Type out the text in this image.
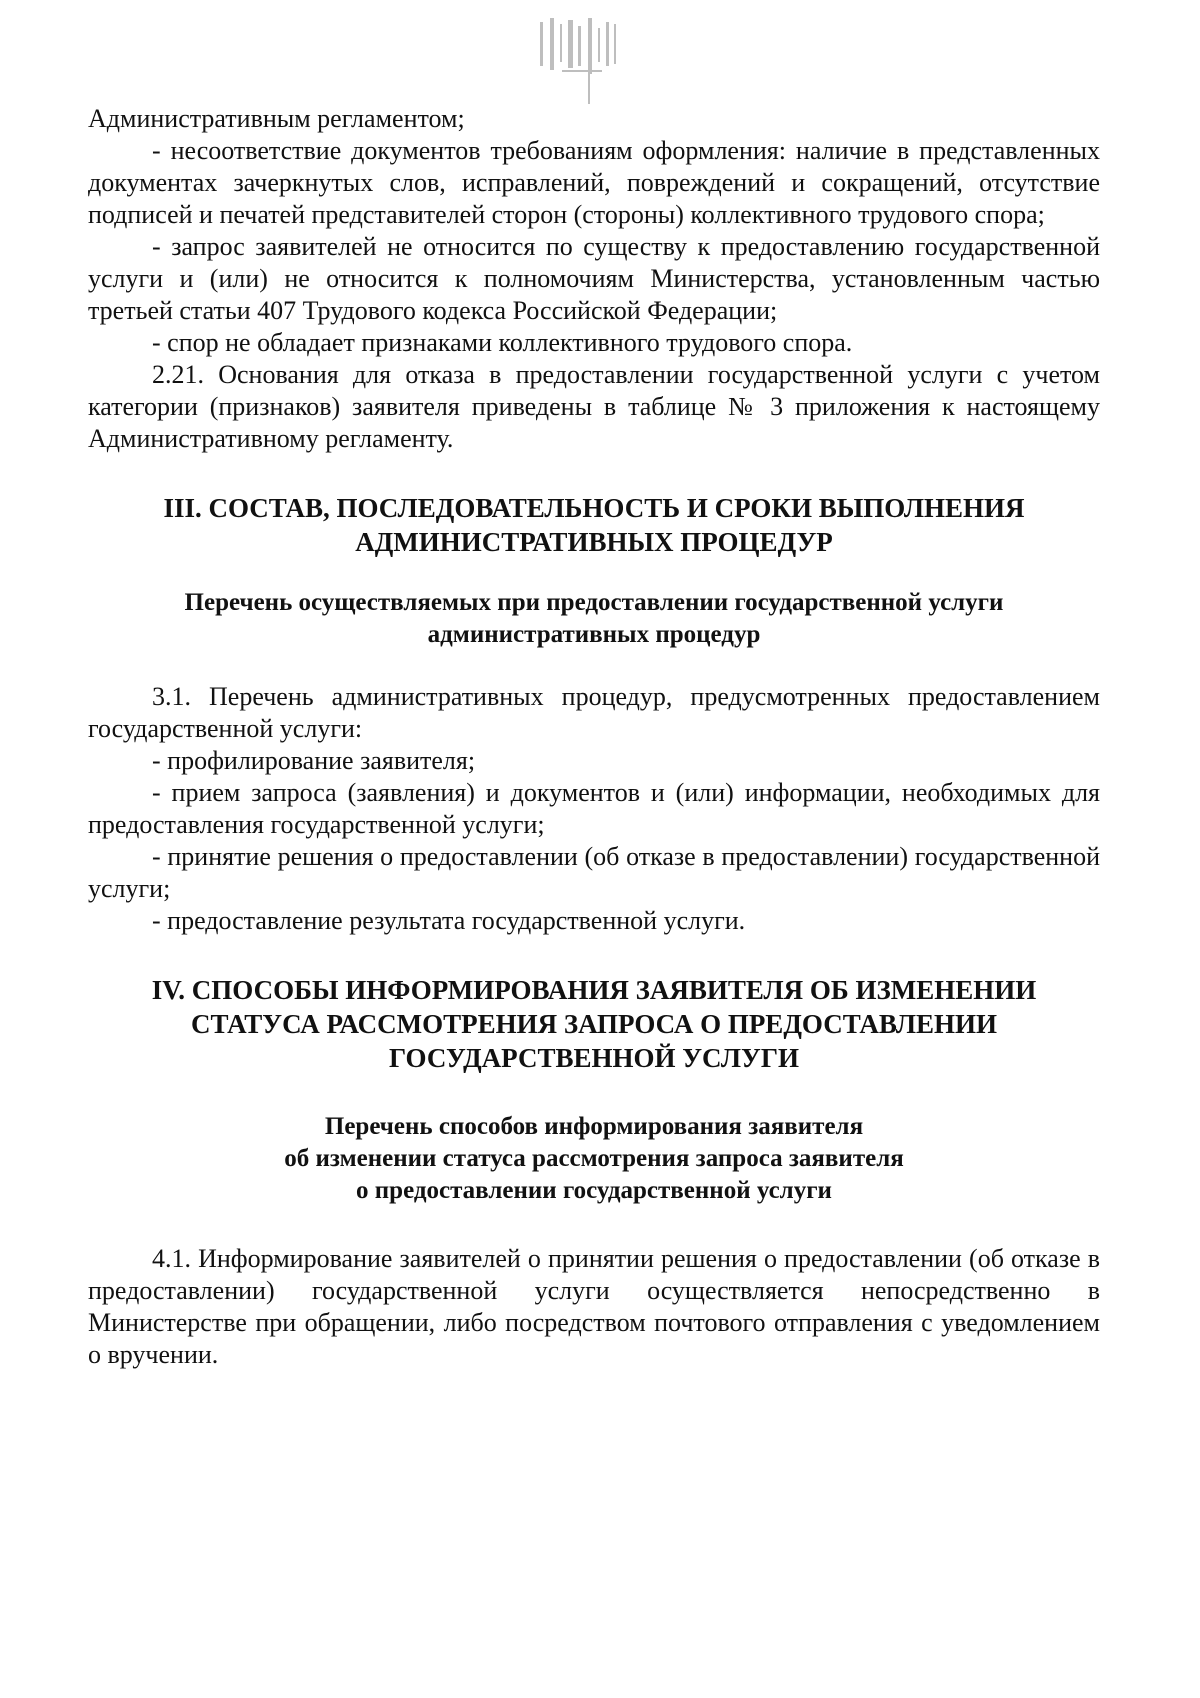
Административным регламентом;

- несоответствие документов требованиям оформления: наличие в представленных документах зачеркнутых слов, исправлений, повреждений и сокращений, отсутствие подписей и печатей представителей сторон (стороны) коллективного трудового спора;

- запрос заявителей не относится по существу к предоставлению государственной услуги и (или) не относится к полномочиям Министерства, установленным частью третьей статьи 407 Трудового кодекса Российской Федерации;

- спор не обладает признаками коллективного трудового спора.

2.21. Основания для отказа в предоставлении государственной услуги с учетом категории (признаков) заявителя приведены в таблице № 3 приложения к настоящему Административному регламенту.

III. СОСТАВ, ПОСЛЕДОВАТЕЛЬНОСТЬ И СРОКИ ВЫПОЛНЕНИЯ
АДМИНИСТРАТИВНЫХ ПРОЦЕДУР
Перечень осуществляемых при предоставлении государственной услуги
административных процедур

3.1. Перечень административных процедур, предусмотренных предоставлением государственной услуги:

- профилирование заявителя;

- прием запроса (заявления) и документов и (или) информации, необходимых для предоставления государственной услуги;

- принятие решения о предоставлении (об отказе в предоставлении) государственной услуги;

- предоставление результата государственной услуги.

IV. СПОСОБЫ ИНФОРМИРОВАНИЯ ЗАЯВИТЕЛЯ ОБ ИЗМЕНЕНИИ
СТАТУСА РАССМОТРЕНИЯ ЗАПРОСА О ПРЕДОСТАВЛЕНИИ
ГОСУДАРСТВЕННОЙ УСЛУГИ
Перечень способов информирования заявителя
об изменении статуса рассмотрения запроса заявителя
о предоставлении государственной услуги

4.1. Информирование заявителей о принятии решения о предоставлении (об отказе в предоставлении) государственной услуги осуществляется непосредственно в Министерстве при обращении, либо посредством почтового отправления с уведомлением о вручении.
